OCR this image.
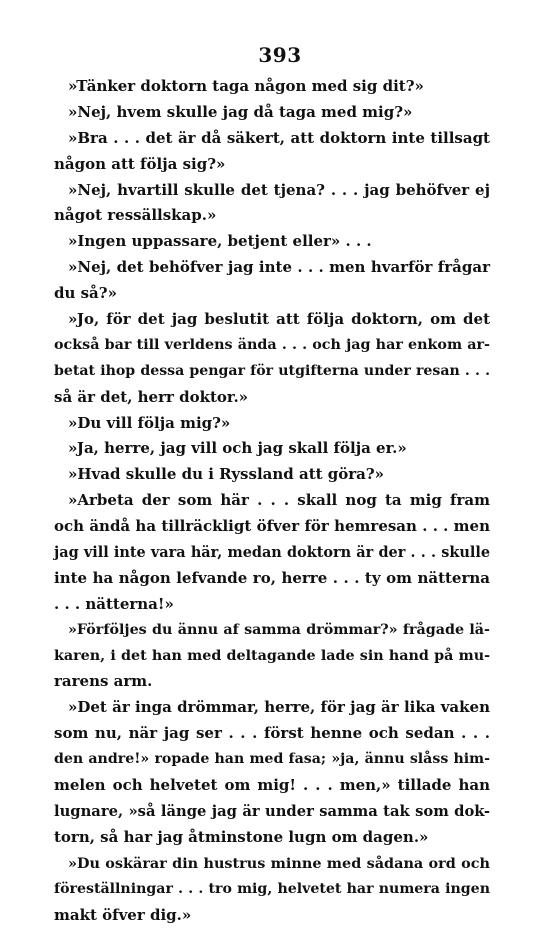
393
»Tänker doktorn taga någon med sig dit?»
»Nej, hvem skulle jag då taga med mig?»
»Bra . . . det är då säkert, att doktorn inte tillsagt
någon att följa sig?»
»Nej, hvartill skulle det tjena? . . . jag behöfver ej
något ressällskap.»
»Ingen uppassare, betjent eller» . . .
»Nej, det behöfver jag inte . . . men hvarför frågar
du så?»
»Jo, för det jag beslutit att följa doktorn, om det
också bar till verldens ända . . . och jag har enkom ar-
betat ihop dessa pengar för utgifterna under resan . . .
så är det, herr doktor.»
»Du vill följa mig?»
»Ja, herre, jag vill och jag skall följa er.»
»Hvad skulle du i Ryssland att göra?»
»Arbeta der som här . . . skall nog ta mig fram
och ändå ha tillräckligt öfver för hemresan . . . men
jag vill inte vara här, medan doktorn är der . . . skulle
inte ha någon lefvande ro, herre . . . ty om nätterna
. . . nätterna!»
»Förföljes du ännu af samma drömmar?» frågade lä-
karen, i det han med deltagande lade sin hand på mu-
rarens arm.
»Det är inga drömmar, herre, för jag är lika vaken
som nu, när jag ser . . . först henne och sedan . . .
den andre!» ropade han med fasa; »ja, ännu slåss him-
melen och helvetet om mig! . . . men,» tillade han
lugnare, »så länge jag är under samma tak som dok-
torn, så har jag åtminstone lugn om dagen.»
»Du oskärar din hustrus minne med sådana ord och
föreställningar . . . tro mig, helvetet har numera ingen
makt öfver dig.»
